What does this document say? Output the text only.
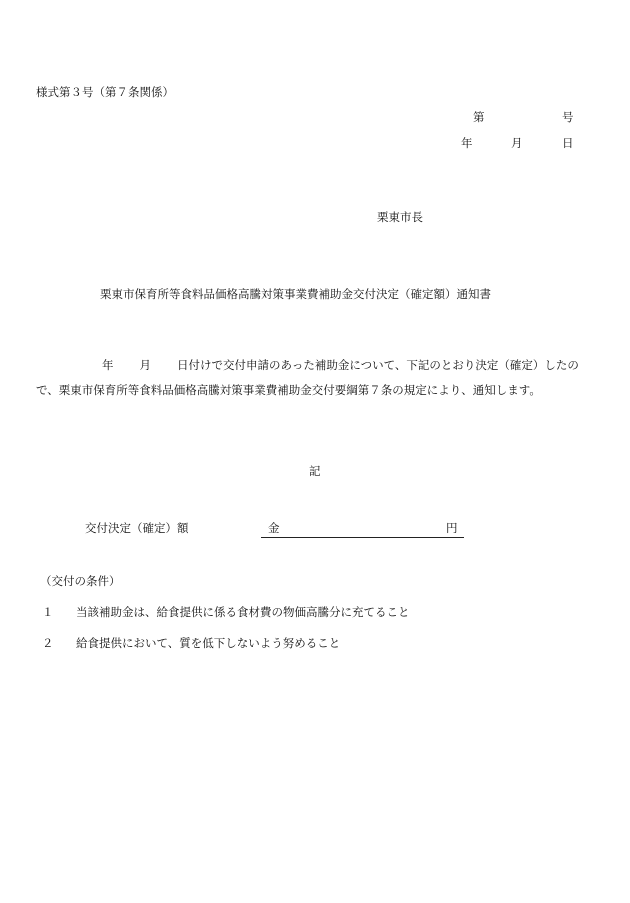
様式第３号（第７条関係）
第	号
年	月	日
栗東市長
栗東市保育所等食料品価格高騰対策事業費補助金交付決定（確定額）通知書
年 月 日付けで交付申請のあった補助金について、下記のとおり決定（確定）したので、栗東市保育所等食料品価格高騰対策事業費補助金交付要綱第７条の規定により、通知します。
記
交付決定（確定）額	金	円
（交付の条件）
１ 当該補助金は、給食提供に係る食材費の物価高騰分に充てること
２ 給食提供において、質を低下しないよう努めること
